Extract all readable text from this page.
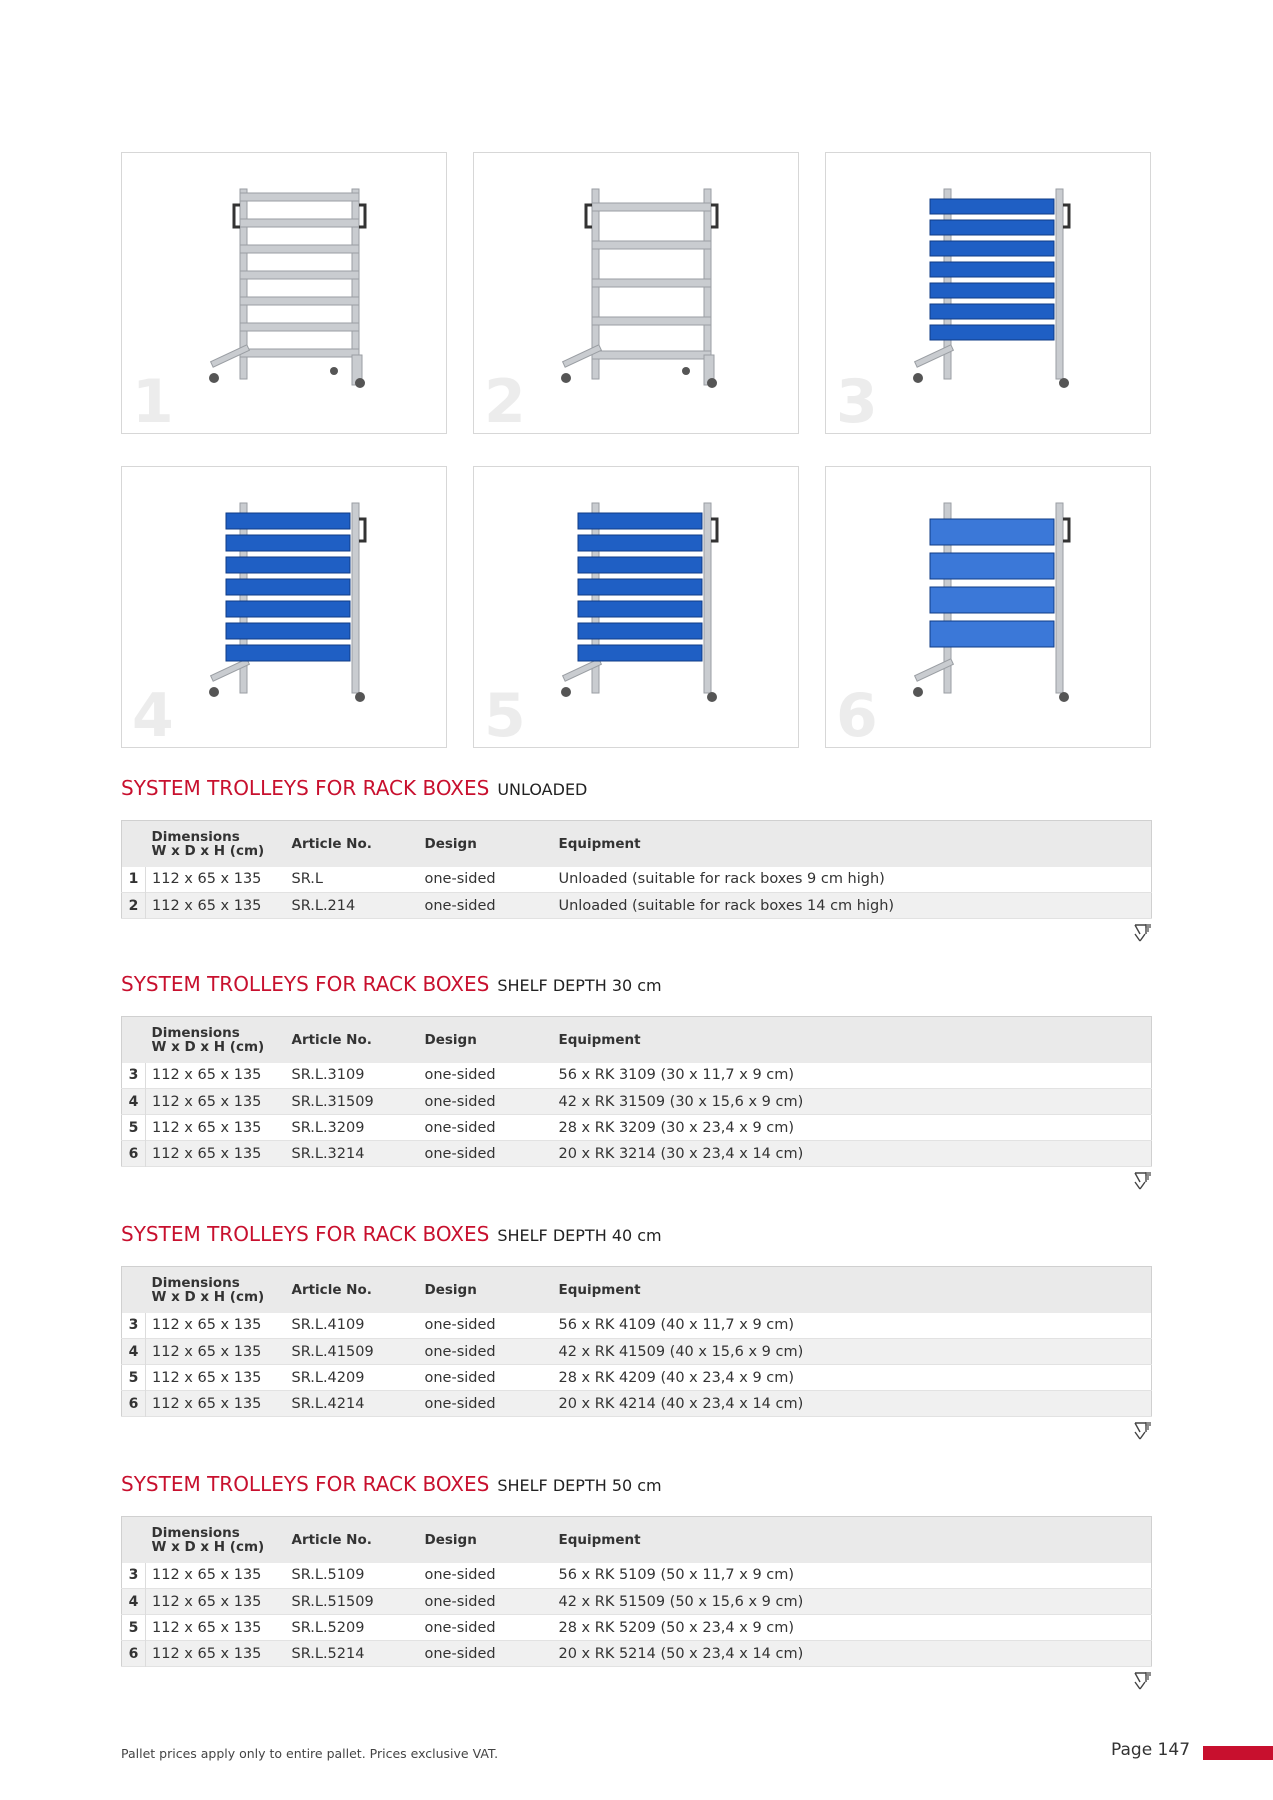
1	2	3
4	5	6
SYSTEM TROLLEYS FOR RACK BOXES UNLOADED

	Dimensions
W x D x H (cm)	Article No.	Design	Equipment
1	112 x 65 x 135	SR.L	one-sided	Unloaded (suitable for rack boxes 9 cm high)
2	112 x 65 x 135	SR.L.214	one-sided	Unloaded (suitable for rack boxes 14 cm high)
SYSTEM TROLLEYS FOR RACK BOXES SHELF DEPTH 30 cm

	Dimensions
W x D x H (cm)	Article No.	Design	Equipment
3	112 x 65 x 135	SR.L.3109	one-sided	56 x RK 3109 (30 x 11,7 x 9 cm)
4	112 x 65 x 135	SR.L.31509	one-sided	42 x RK 31509 (30 x 15,6 x 9 cm)
5	112 x 65 x 135	SR.L.3209	one-sided	28 x RK 3209 (30 x 23,4 x 9 cm)
6	112 x 65 x 135	SR.L.3214	one-sided	20 x RK 3214 (30 x 23,4 x 14 cm)
SYSTEM TROLLEYS FOR RACK BOXES SHELF DEPTH 40 cm

	Dimensions
W x D x H (cm)	Article No.	Design	Equipment
3	112 x 65 x 135	SR.L.4109	one-sided	56 x RK 4109 (40 x 11,7 x 9 cm)
4	112 x 65 x 135	SR.L.41509	one-sided	42 x RK 41509 (40 x 15,6 x 9 cm)
5	112 x 65 x 135	SR.L.4209	one-sided	28 x RK 4209 (40 x 23,4 x 9 cm)
6	112 x 65 x 135	SR.L.4214	one-sided	20 x RK 4214 (40 x 23,4 x 14 cm)
SYSTEM TROLLEYS FOR RACK BOXES SHELF DEPTH 50 cm

	Dimensions
W x D x H (cm)	Article No.	Design	Equipment
3	112 x 65 x 135	SR.L.5109	one-sided	56 x RK 5109 (50 x 11,7 x 9 cm)
4	112 x 65 x 135	SR.L.51509	one-sided	42 x RK 51509 (50 x 15,6 x 9 cm)
5	112 x 65 x 135	SR.L.5209	one-sided	28 x RK 5209 (50 x 23,4 x 9 cm)
6	112 x 65 x 135	SR.L.5214	one-sided	20 x RK 5214 (50 x 23,4 x 14 cm)
Pallet prices apply only to entire pallet. Prices exclusive VAT.	Page 147
